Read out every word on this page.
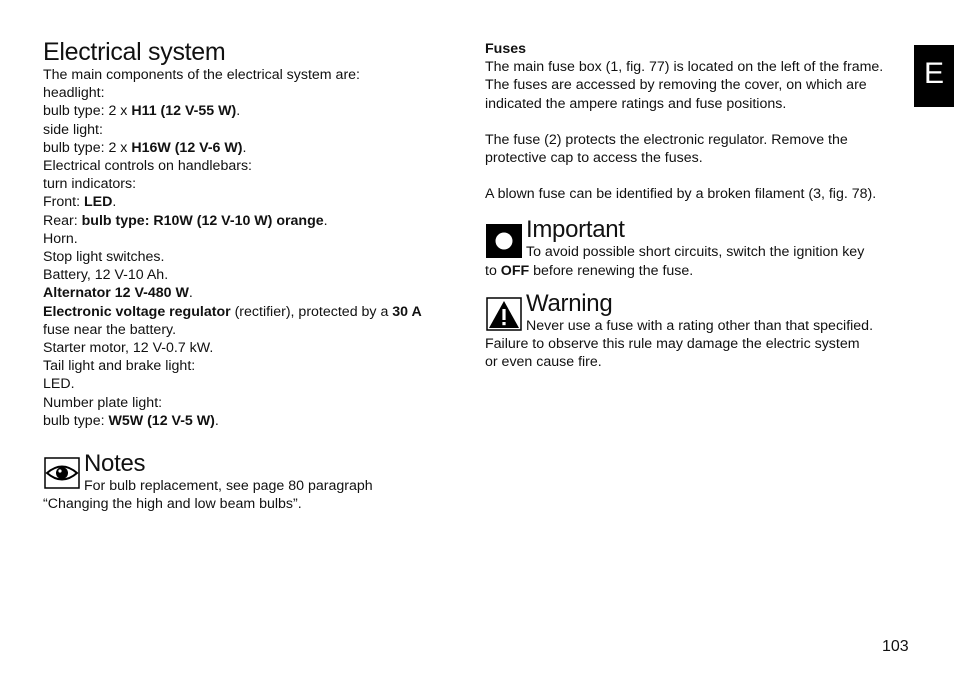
Electrical system
The main components of the electrical system are:
headlight:
bulb type: 2 x H11 (12 V-55 W).
side light:
bulb type: 2 x H16W (12 V-6 W).
Electrical controls on handlebars:
turn indicators:
Front: LED.
Rear: bulb type: R10W (12 V-10 W) orange.
Horn.
Stop light switches.
Battery, 12 V-10 Ah.
Alternator 12 V-480 W.
Electronic voltage regulator (rectifier), protected by a 30 A
fuse near the battery.
Starter motor, 12 V-0.7 kW.
Tail light and brake light:
LED.
Number plate light:
bulb type: W5W (12 V-5 W).
Notes
For bulb replacement, see page 80 paragraph
“Changing the high and low beam bulbs”.
Fuses
The main fuse box (1, fig. 77) is located on the left of the frame. The fuses are accessed by removing the cover, on which are indicated the ampere ratings and fuse positions.
The fuse (2) protects the electronic regulator. Remove the protective cap to access the fuses.
A blown fuse can be identified by a broken filament (3, fig. 78).
Important
To avoid possible short circuits, switch the ignition key
to OFF before renewing the fuse.
Warning
Never use a fuse with a rating other than that specified.
Failure to observe this rule may damage the electric system
or even cause fire.
E
103
